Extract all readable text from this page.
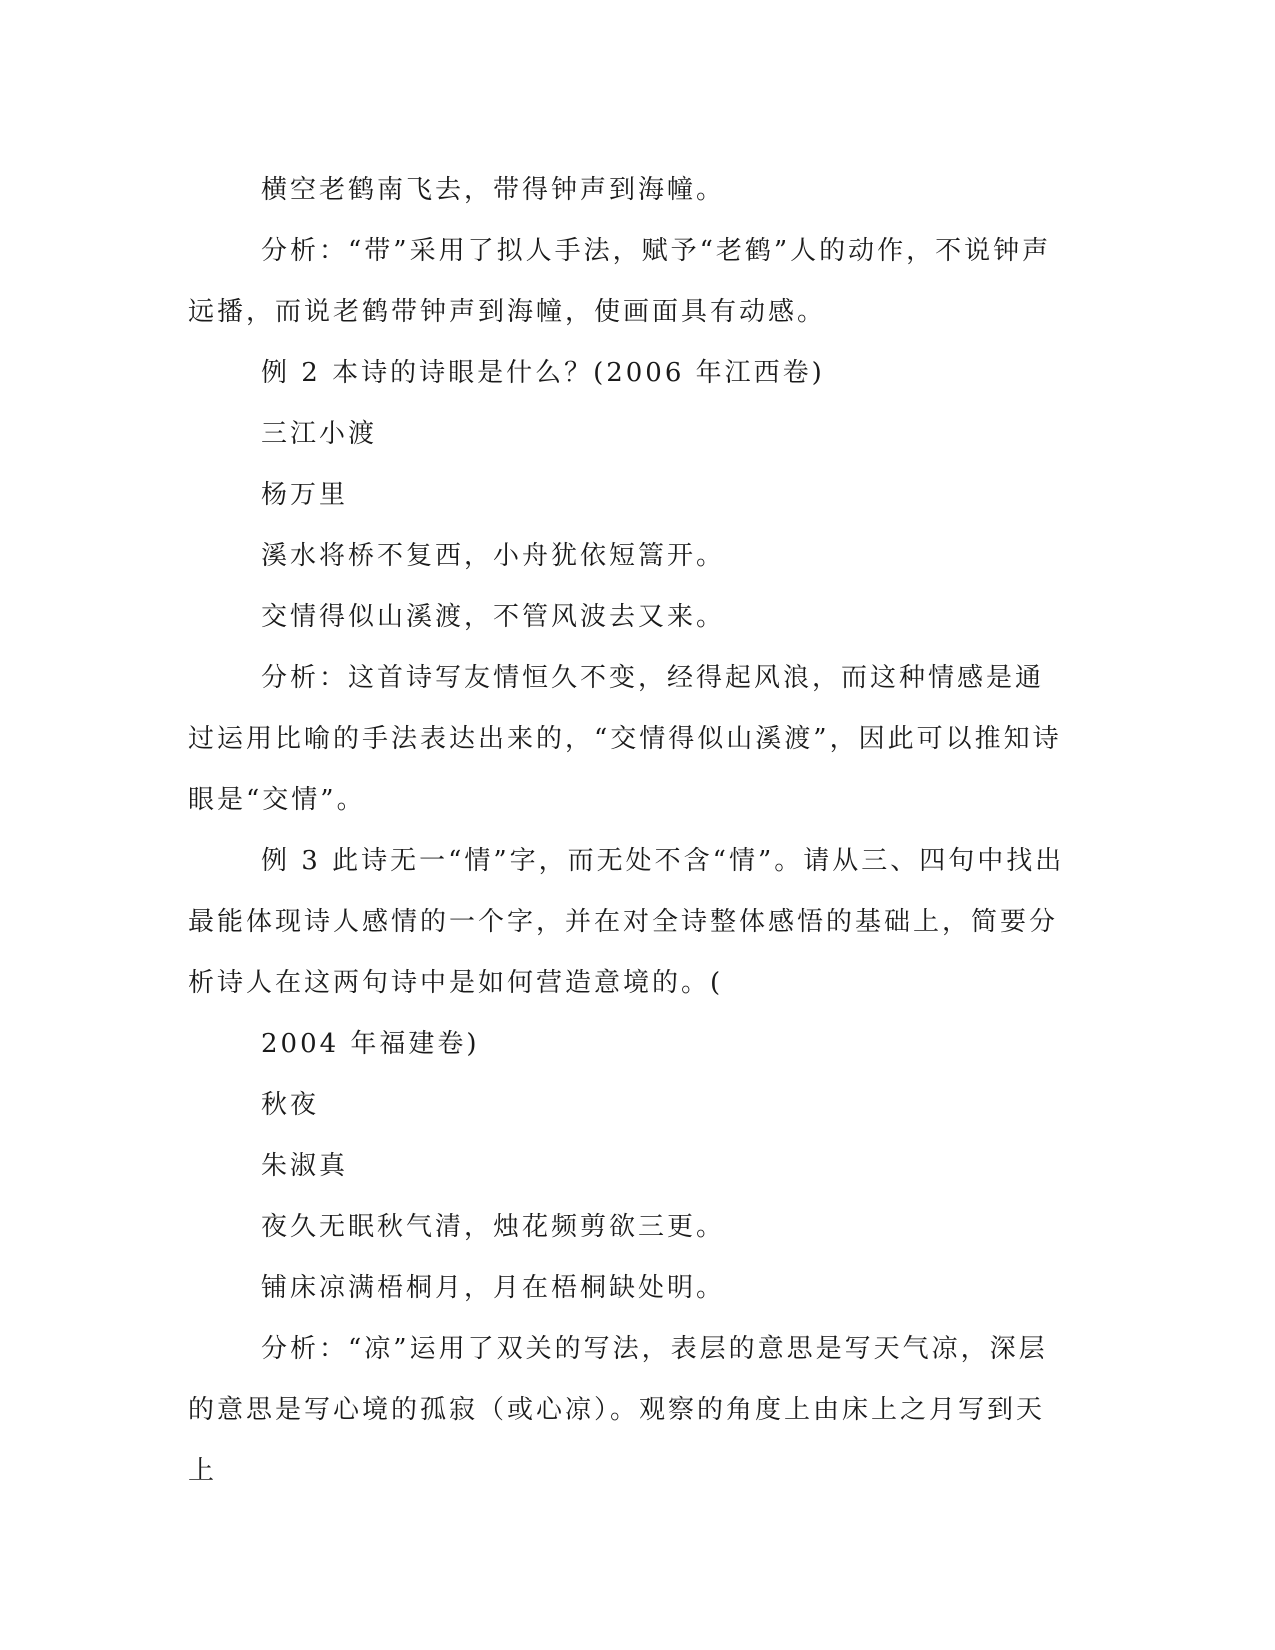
横空老鹤南飞去，带得钟声到海幢。

分析：“带”采用了拟人手法，赋予“老鹤”人的动作，不说钟声远播，而说老鹤带钟声到海幢，使画面具有动感。

例 2 本诗的诗眼是什么？(2006 年江西卷)

三江小渡

杨万里

溪水将桥不复西，小舟犹依短篙开。

交情得似山溪渡，不管风波去又来。

分析：这首诗写友情恒久不变，经得起风浪，而这种情感是通过运用比喻的手法表达出来的，“交情得似山溪渡”，因此可以推知诗眼是“交情”。

例 3 此诗无一“情”字，而无处不含“情”。请从三、四句中找出最能体现诗人感情的一个字，并在对全诗整体感悟的基础上，简要分析诗人在这两句诗中是如何营造意境的。(

2004 年福建卷)

秋夜

朱淑真

夜久无眠秋气清，烛花频剪欲三更。

铺床凉满梧桐月，月在梧桐缺处明。

分析：“凉”运用了双关的写法，表层的意思是写天气凉，深层的意思是写心境的孤寂（或心凉）。观察的角度上由床上之月写到天上
